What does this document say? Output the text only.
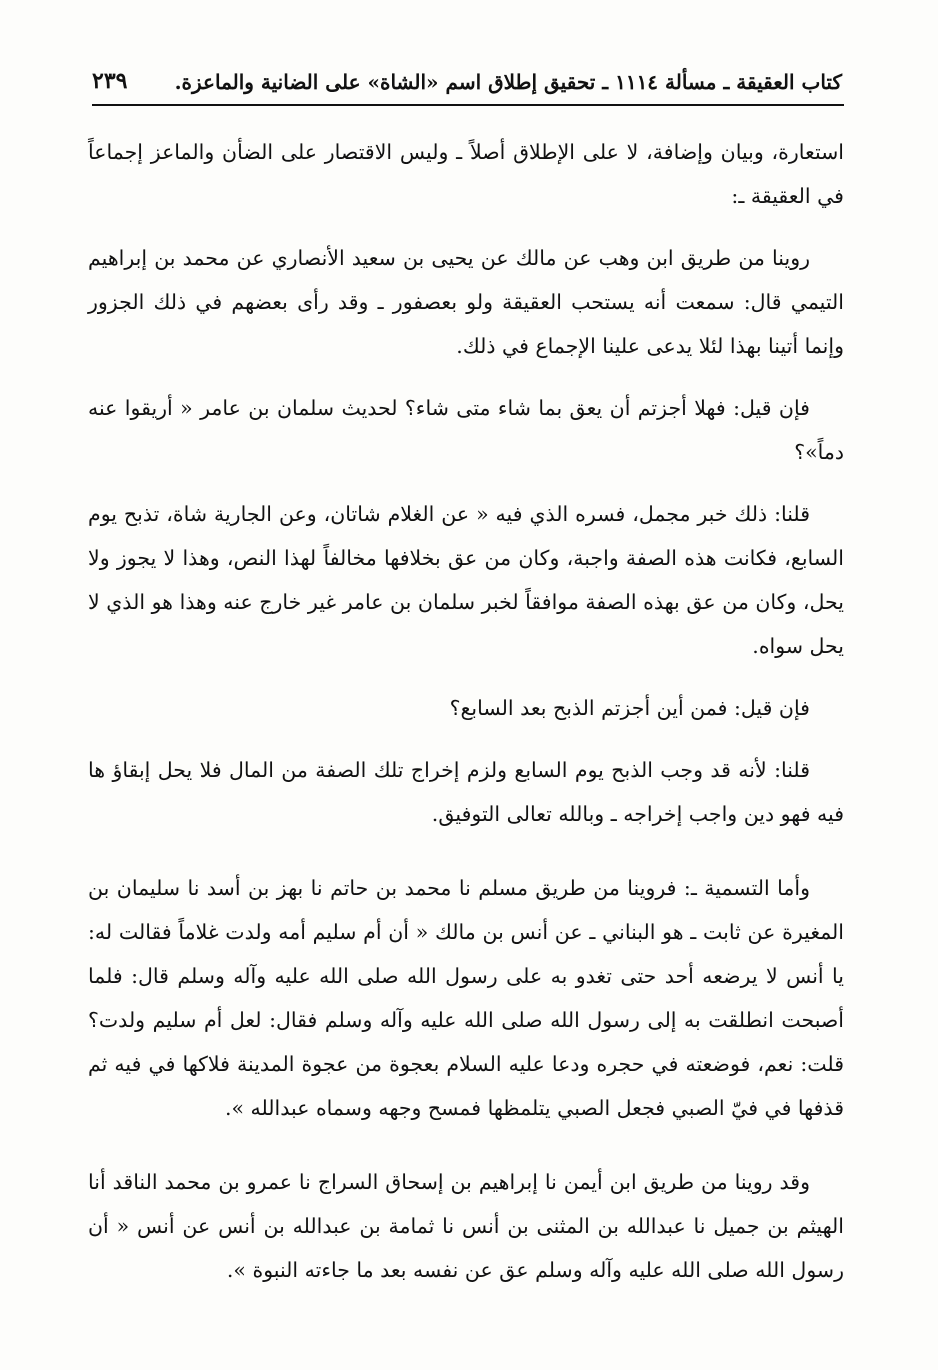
كتاب العقيقة ـ مسألة ١١١٤ ـ تحقيق إطلاق اسم «الشاة» على الضانية والماعزة.
٢٣٩

استعارة، وبيان وإضافة، لا على الإطلاق أصلاً ـ وليس الاقتصار على الضأن والماعز إجماعاً في العقيقة ـ:

روينا من طريق ابن وهب عن مالك عن يحيى بن سعيد الأنصاري عن محمد بن إبراهيم التيمي قال: سمعت أنه يستحب العقيقة ولو بعصفور ـ وقد رأى بعضهم في ذلك الجزور وإنما أتينا بهذا لئلا يدعى علينا الإجماع في ذلك.

فإن قيل: فهلا أجزتم أن يعق بما شاء متى شاء؟ لحديث سلمان بن عامر « أريقوا عنه دماً»؟

قلنا: ذلك خبر مجمل، فسره الذي فيه « عن الغلام شاتان، وعن الجارية شاة، تذبح يوم السابع، فكانت هذه الصفة واجبة، وكان من عق بخلافها مخالفاً لهذا النص، وهذا لا يجوز ولا يحل، وكان من عق بهذه الصفة موافقاً لخبر سلمان بن عامر غير خارج عنه وهذا هو الذي لا يحل سواه.

فإن قيل: فمن أين أجزتم الذبح بعد السابع؟

قلنا: لأنه قد وجب الذبح يوم السابع ولزم إخراج تلك الصفة من المال فلا يحل إبقاؤ ها فيه فهو دين واجب إخراجه ـ وبالله تعالى التوفيق.

وأما التسمية ـ: فروينا من طريق مسلم نا محمد بن حاتم نا بهز بن أسد نا سليمان بن المغيرة عن ثابت ـ هو البناني ـ عن أنس بن مالك « أن أم سليم أمه ولدت غلاماً فقالت له: يا أنس لا يرضعه أحد حتى تغدو به على رسول الله صلى الله عليه وآله وسلم قال: فلما أصبحت انطلقت به إلى رسول الله صلى الله عليه وآله وسلم فقال: لعل أم سليم ولدت؟ قلت: نعم، فوضعته في حجره ودعا عليه السلام بعجوة من عجوة المدينة فلاكها في فيه ثم قذفها في فيّ الصبي فجعل الصبي يتلمظها فمسح وجهه وسماه عبدالله ».

وقد روينا من طريق ابن أيمن نا إبراهيم بن إسحاق السراج نا عمرو بن محمد الناقد أنا الهيثم بن جميل نا عبدالله بن المثنى بن أنس نا ثمامة بن عبدالله بن أنس عن أنس « أن رسول الله صلى الله عليه وآله وسلم عق عن نفسه بعد ما جاءته النبوة ».
